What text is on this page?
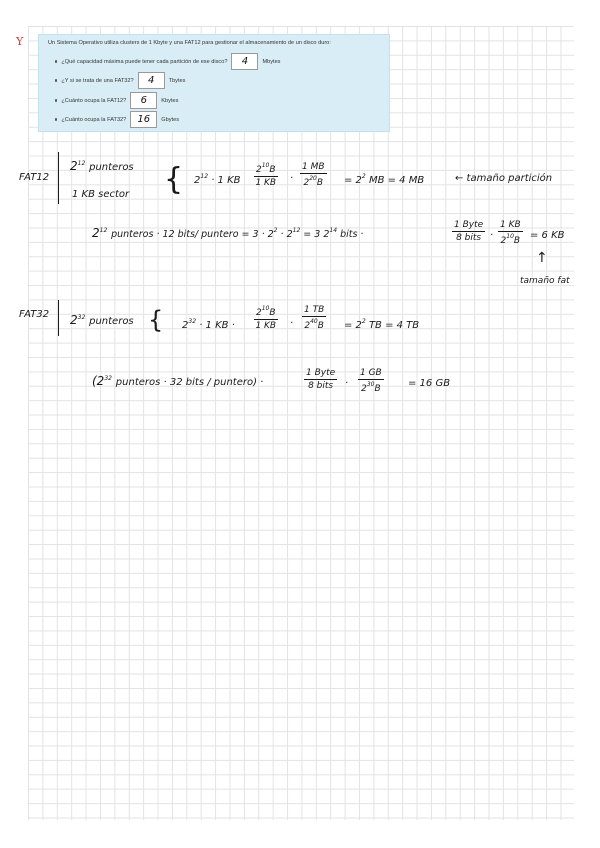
Y	Un Sistema Operativo utiliza clusters de 1 Kbyte y una FAT12 para gestionar el almacenamiento de un disco duro:
¿Qué capacidad máxima puede tener cada partición de ese disco?	4	Mbytes
¿Y si se trata de una FAT32?	4	Tbytes
¿Cuánto ocupa la FAT12?	6	Kbytes
¿Cuánto ocupa la FAT32?	16	Gbytes
FAT12
$2^{12}$ punteros
1 KB sector { $2^{12} \cdot 1$ KB $\frac{2^{10}B}{1 KB} \cdot \frac{1 MB}{2^{20}B} = 2^2$ MB = 4 MB	← tamaño partición
$2^{12}$ punteros · 12 bits/ puntero = $3 \cdot 2^2 \cdot 2^{12} = 3$ $2^{14}$ bits ·
1 Byte
8 bits · $\frac{1 KB}{2^{10}B} = 6$ KB
↑
tamaño fat
FAT32 $2^{32}$ punteros { $2^{32} \cdot 1$ KB · $\frac{2^{10}B}{1 KB} \cdot \frac{1 TB}{2^{40}B} = 2^2$ TB = 4 TB
($2^{32}$ punteros · 32 bits / puntero) ·
1 Byte
8 bits · $\frac{1 GB}{2^{30}B} = 16$ GB
